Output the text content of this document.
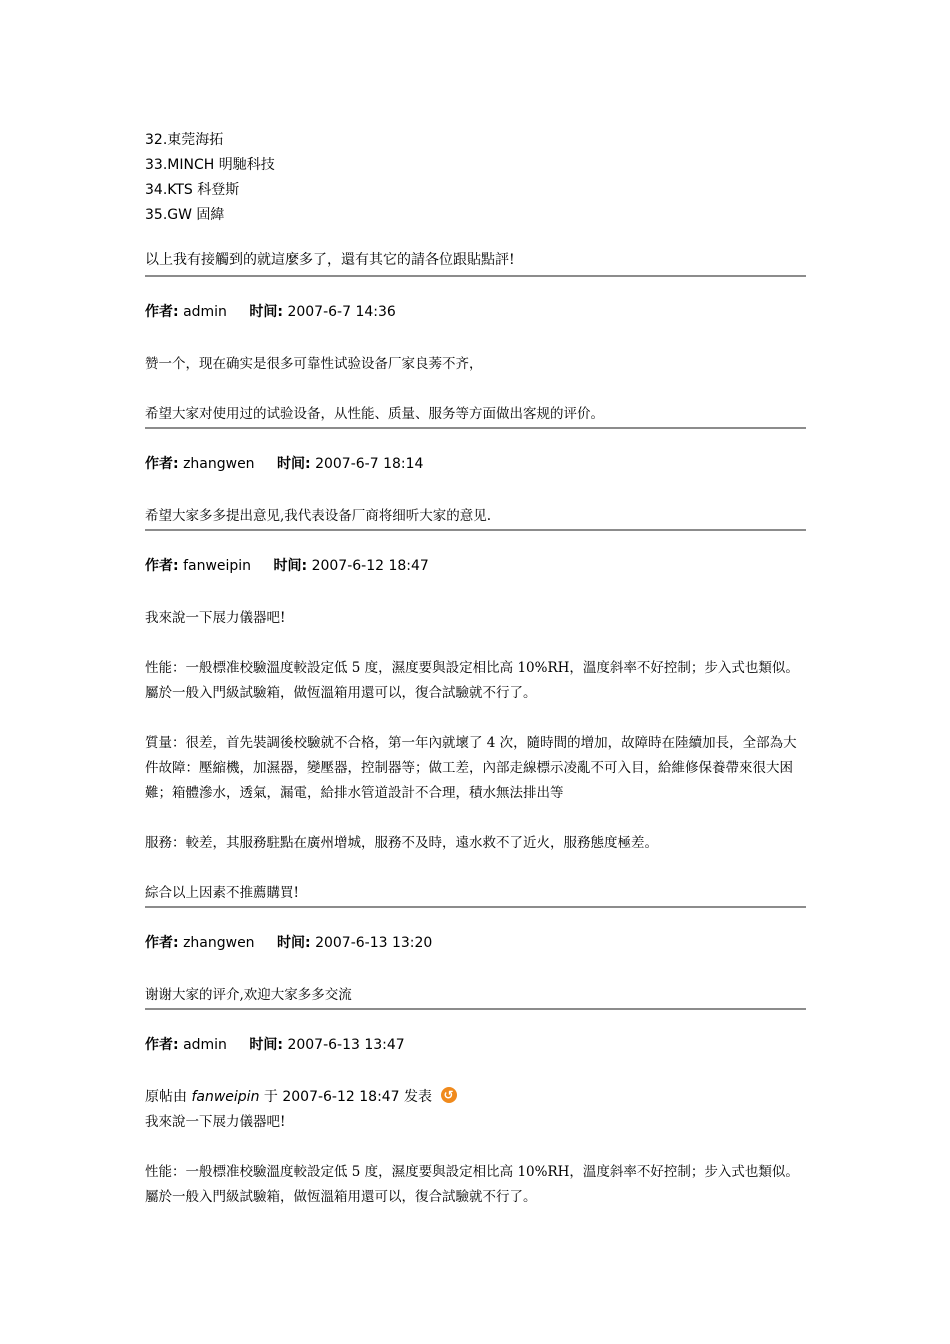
32.東莞海拓
33.MINCH 明馳科技
34.KTS 科登斯
35.GW 固緯
以上我有接觸到的就這麼多了，還有其它的請各位跟貼點評!
作者: admin 时间: 2007-6-7 14:36

赞一个，现在确实是很多可靠性试验设备厂家良莠不齐，

希望大家对使用过的试验设备，从性能、质量、服务等方面做出客规的评价。

作者: zhangwen 时间: 2007-6-7 18:14

希望大家多多提出意见,我代表设备厂商将细听大家的意见.

作者: fanweipin 时间: 2007-6-12 18:47

我來說一下展力儀器吧!

性能：一般標准校驗溫度較設定低 5 度，濕度要與設定相比高 10%RH，溫度斜率不好控制；步入式也類似。屬於一般入門級試驗箱，做恆溫箱用還可以，復合試驗就不行了。

質量：很差，首先裝調後校驗就不合格，第一年內就壞了 4 次，隨時間的增加，故障時在陸續加長，全部為大件故障：壓縮機，加濕器，變壓器，控制器等；做工差，內部走線標示凌亂不可入目，給維修保養帶來很大困難；箱體滲水，透氣，漏電，給排水管道設計不合理，積水無法排出等

服務：較差，其服務駐點在廣州增城，服務不及時，遠水救不了近火，服務態度極差。

綜合以上因素不推薦購買!

作者: zhangwen 时间: 2007-6-13 13:20

谢谢大家的评介,欢迎大家多多交流

作者: admin 时间: 2007-6-13 13:47
原帖由 fanweipin 于 2007-6-12 18:47 发表 ↺

我來說一下展力儀器吧!

性能：一般標准校驗溫度較設定低 5 度，濕度要與設定相比高 10%RH，溫度斜率不好控制；步入式也類似。屬於一般入門級試驗箱，做恆溫箱用還可以，復合試驗就不行了。
